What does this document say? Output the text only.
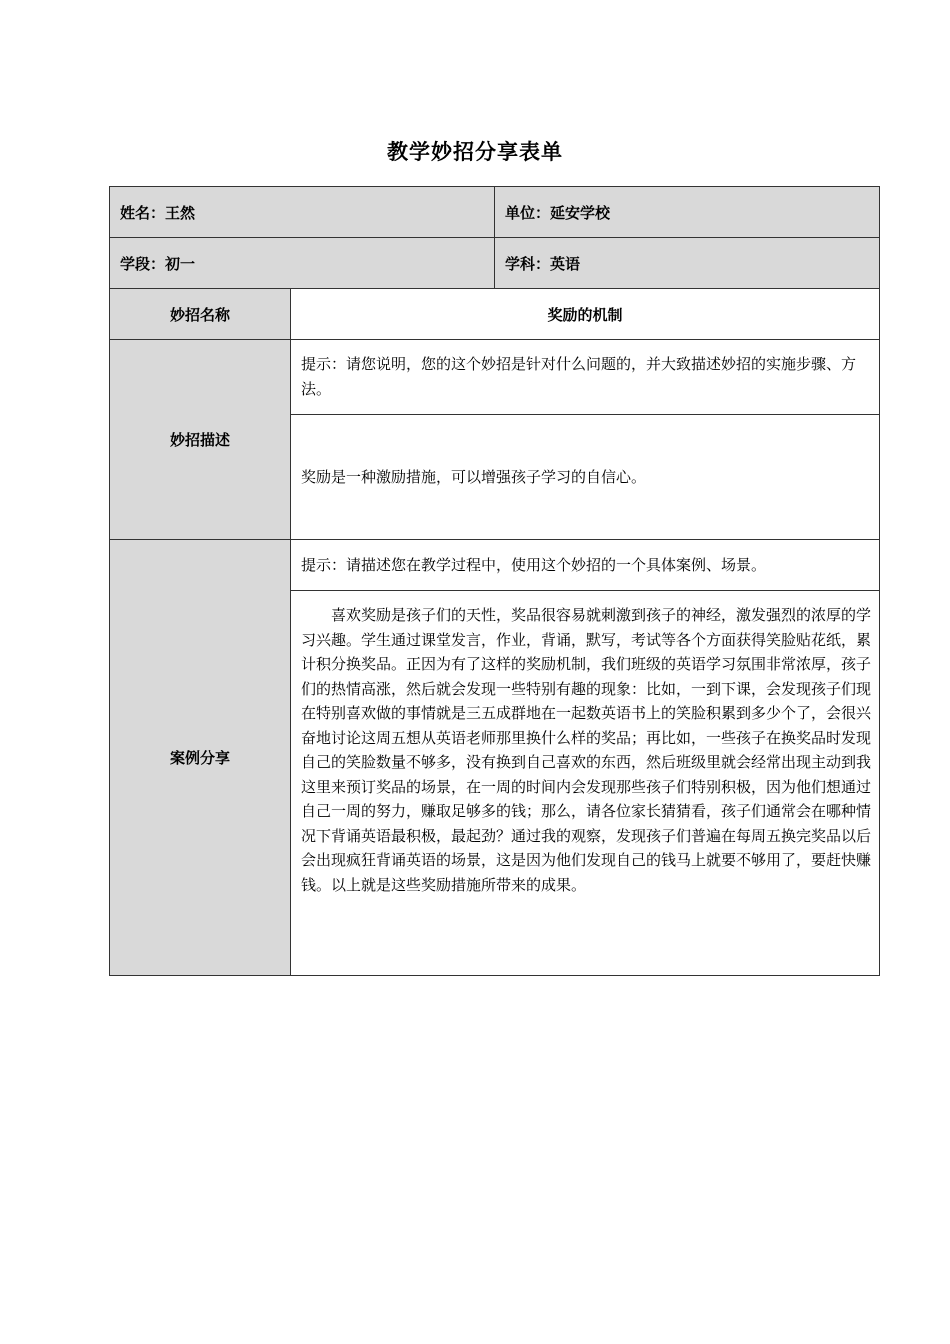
教学妙招分享表单
姓名：王然		单位：延安学校
学段：初一		学科：英语
妙招名称	奖励的机制	
妙招描述	提示：请您说明，您的这个妙招是针对什么问题的，并大致描述妙招的实施步骤、方法。	
	奖励是一种激励措施，可以增强孩子学习的自信心。	
案例分享	提示：请描述您在教学过程中，使用这个妙招的一个具体案例、场景。	
	喜欢奖励是孩子们的天性，奖品很容易就刺激到孩子的神经，激发强烈的浓厚的学习兴趣。学生通过课堂发言，作业，背诵，默写，考试等各个方面获得笑脸贴花纸，累计积分换奖品。正因为有了这样的奖励机制，我们班级的英语学习氛围非常浓厚，孩子们的热情高涨，然后就会发现一些特别有趣的现象：比如，一到下课，会发现孩子们现在特别喜欢做的事情就是三五成群地在一起数英语书上的笑脸积累到多少个了，会很兴奋地讨论这周五想从英语老师那里换什么样的奖品；再比如，一些孩子在换奖品时发现自己的笑脸数量不够多，没有换到自己喜欢的东西，然后班级里就会经常出现主动到我这里来预订奖品的场景，在一周的时间内会发现那些孩子们特别积极，因为他们想通过自己一周的努力，赚取足够多的钱；那么，请各位家长猜猜看，孩子们通常会在哪种情况下背诵英语最积极，最起劲？通过我的观察，发现孩子们普遍在每周五换完奖品以后会出现疯狂背诵英语的场景，这是因为他们发现自己的钱马上就要不够用了，要赶快赚钱。以上就是这些奖励措施所带来的成果。	
